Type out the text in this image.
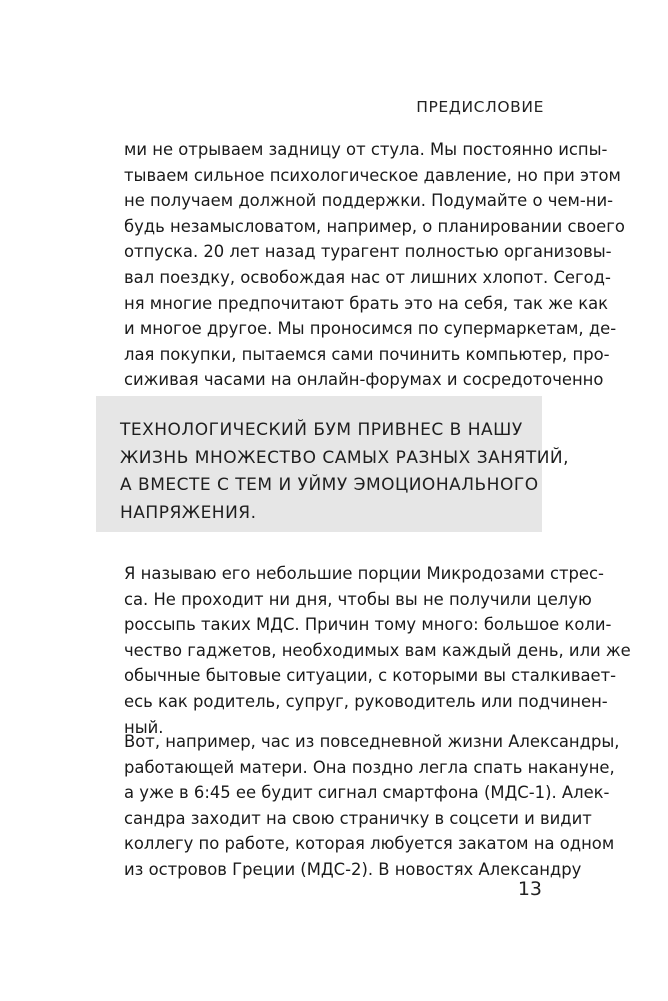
ПРЕДИСЛОВИЕ

ми не отрываем задницу от стула. Мы постоянно испы-
тываем сильное психологическое давление, но при этом
не получаем должной поддержки. Подумайте о чем-ни-
будь незамысловатом, например, о планировании своего
отпуска. 20 лет назад турагент полностью организовы-
вал поездку, освобождая нас от лишних хлопот. Сегод-
ня многие предпочитают брать это на себя, так же как
и многое другое. Мы проносимся по супермаркетам, де-
лая покупки, пытаемся сами починить компьютер, про-
сиживая часами на онлайн-форумах и сосредоточенно

ТЕХНОЛОГИЧЕСКИЙ БУМ ПРИВНЕС В НАШУ
ЖИЗНЬ МНОЖЕСТВО САМЫХ РАЗНЫХ ЗАНЯТИЙ,
А ВМЕСТЕ С ТЕМ И УЙМУ ЭМОЦИОНАЛЬНОГО
НАПРЯЖЕНИЯ.

Я называю его небольшие порции Микродозами стрес-
са. Не проходит ни дня, чтобы вы не получили целую
россыпь таких МДС. Причин тому много: большое коли-
чество гаджетов, необходимых вам каждый день, или же
обычные бытовые ситуации, с которыми вы сталкивает-
есь как родитель, супруг, руководитель или подчинен-
ный.

Вот, например, час из повседневной жизни Александры,
работающей матери. Она поздно легла спать накануне,
а уже в 6:45 ее будит сигнал смартфона (МДС-1). Алек-
сандра заходит на свою страничку в соцсети и видит
коллегу по работе, которая любуется закатом на одном
из островов Греции (МДС-2). В новостях Александру

13
